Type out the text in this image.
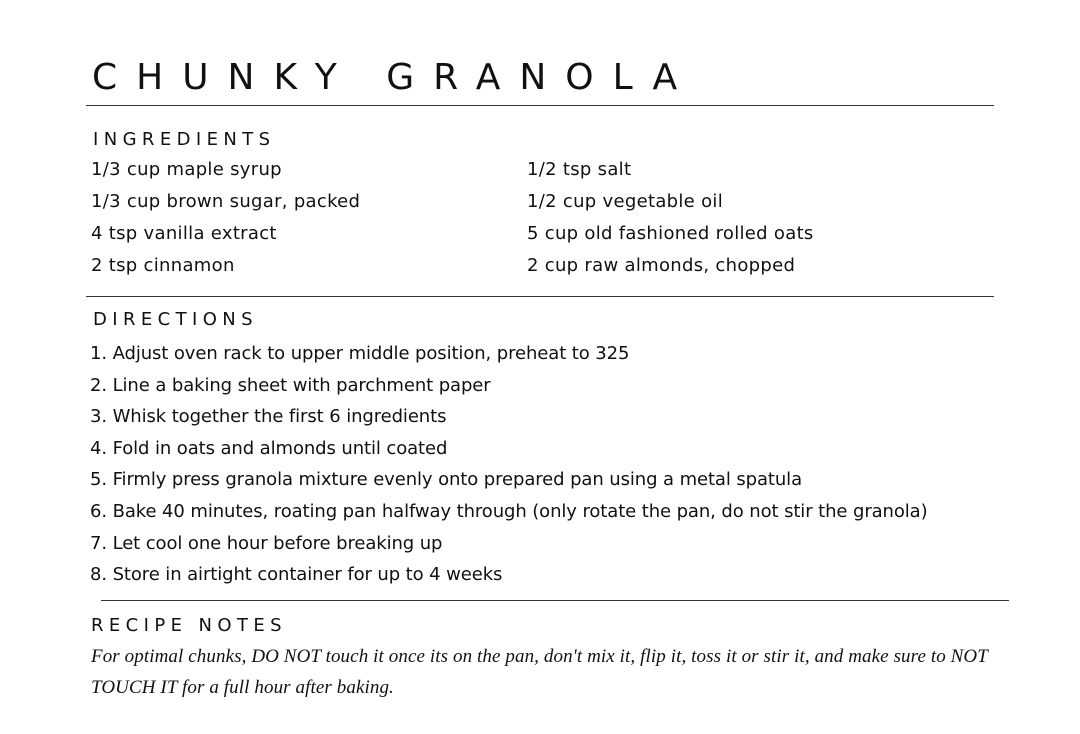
CHUNKY GRANOLA
INGREDIENTS
1/3 cup maple syrup
1/3 cup brown sugar, packed
4 tsp vanilla extract
2 tsp cinnamon
1/2 tsp salt
1/2 cup vegetable oil
5 cup old fashioned rolled oats
2 cup raw almonds, chopped
DIRECTIONS
1. Adjust oven rack to upper middle position, preheat to 325
2. Line a baking sheet with parchment paper
3. Whisk together the first 6 ingredients
4. Fold in oats and almonds until coated
5. Firmly press granola mixture evenly onto prepared pan using a metal spatula
6. Bake 40 minutes, roating pan halfway through (only rotate the pan, do not stir the granola)
7. Let cool one hour before breaking up
8. Store in airtight container for up to 4 weeks
RECIPE NOTES

For optimal chunks, DO NOT touch it once its on the pan, don't mix it, flip it, toss it or stir it, and make sure to NOT TOUCH IT for a full hour after baking.
